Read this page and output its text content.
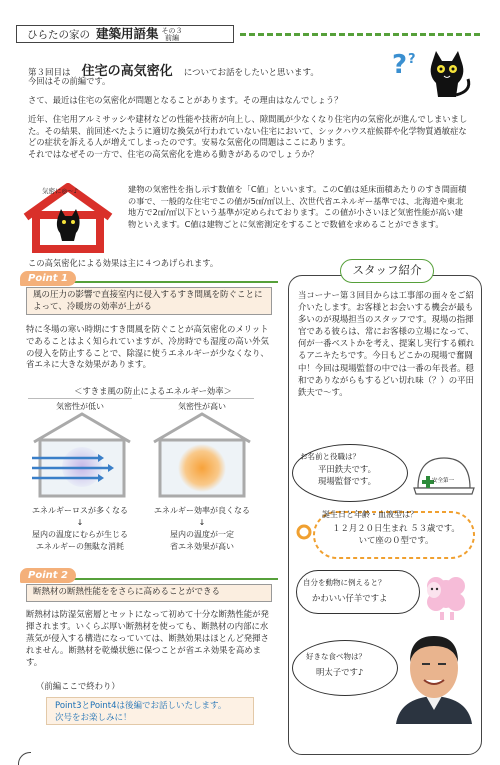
ひらたの家の 建築用語集 その３
前編
? ?
第３回目は 住宅の高気密化 についてお話をしたいと思います。
今回はその前編です。
さて、最近は住宅の気密化が問題となることがあります。その理由はなんでしょう？

近年、住宅用アルミサッシや建材などの性能や技術が向上し、隙間風が少なくなり住宅内の気密化が進んでしまいました。その結果、前回述べたように適切な換気が行われていない住宅において、シックハウス症候群や化学物質過敏症などの症状を訴える人が増えてしまったのです。安易な気密化の問題はここにあります。

それではなぜその一方で、住宅の高気密化を進める動きがあるのでしょうか？

気密に◎〜♪	建物の気密性を指し示す数値を「C値」といいます。このC値は延床面積あたりのすき間面積の事で、一般的な住宅でこの値が5㎠/㎡以上、次世代省エネルギー基準では、北海道や東北地方で2㎠/㎡以下という基準が定められております。この値が小さいほど気密性能が高い建物といえます。C値は建物ごとに気密測定をすることで数値を求めることができます。
この高気密化による効果は主に４つあげられます。
Point 1
風の圧力の影響で直接室内に侵入するすき間風を防ぐことによって、冷暖房の効率が上がる
特に冬場の寒い時期にすき間風を防ぐことが高気密化のメリットであることはよく知られていますが、冷房時でも湿度の高い外気の侵入を防止することで、除湿に使うエネルギーが少なくなり、省エネに大きな効果があります。
＜すきま風の防止によるエネルギー効率＞
気密性が低い	気密性が高い
エネルギーロスが多くなる
↓
屋内の温度にむらが生じる
エネルギーの無駄な消耗
エネルギー効率が良くなる
↓
屋内の温度が一定
省エネ効果が高い
Point 2
断熱材の断熱性能ををさらに高めることができる
断熱材は防湿気密層とセットになって初めて十分な断熱性能が発揮されます。いくらぶ厚い断熱材を使っても、断熱材の内部に水蒸気が侵入する構造になっていては、断熱効果はほとんど発揮されません。断熱材を乾燥状態に保つことが省エネ効果を高めます。
（前編ここで終わり）
Point3とPoint4は後編でお話しいたします。
次号をお楽しみに！
スタッフ紹介
当コーナー第３回目からは工事部の面々をご紹介いたします。お客様とお会いする機会が最も多いのが現場担当のスタッフです。現場の指揮官である彼らは、常にお客様の立場になって、何が一番ベストかを考え、提案し実行する頼れるアニキたちです。今日もどこかの現場で奮闘中！今回は現場監督の中では一番の年長者。穏和でありながらもするどい切れ味（？）の平田鉄夫で～す。
お名前と役職は？
平田鉄夫です。
現場監督です。	安全第一
誕生日と年齢・血液型は？
１２月２０日生まれ ５３歳です。
いて座の０型です。
自分を動物に例えると？
かわいい仔羊ですよ
好きな食べ物は？
明太子です♪
